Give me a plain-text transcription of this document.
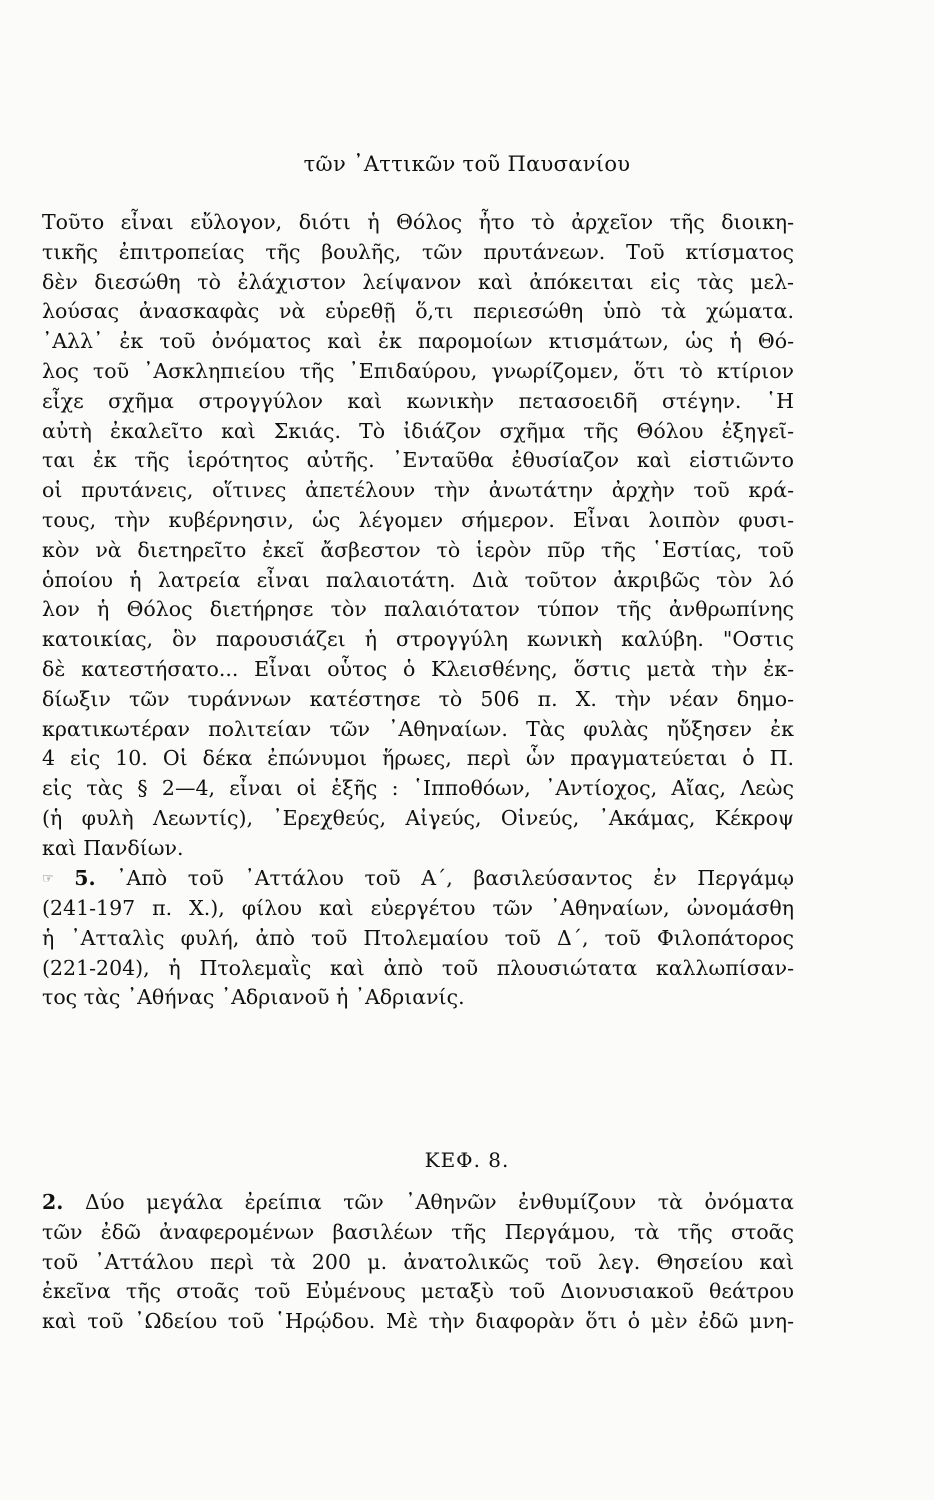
τῶν ᾽Αττικῶν τοῦ Παυσανίου
Τοῦτο εἶναι εὔλογον, διότι ἡ Θόλος ἦτο τὸ ἀρχεῖον τῆς διοικη-
τικῆς ἐπιτροπείας τῆς βουλῆς, τῶν πρυτάνεων. Τοῦ κτίσματος
δὲν διεσώθη τὸ ἐλάχιστον λείψανον καὶ ἀπόκειται εἰς τὰς μελ-
λούσας ἀνασκαφὰς νὰ εὑρεθῇ ὅ,τι περιεσώθη ὑπὸ τὰ χώματα.
᾽Αλλ᾽ ἐκ τοῦ ὀνόματος καὶ ἐκ παρομοίων κτισμάτων, ὡς ἡ Θό-
λος τοῦ ᾽Ασκληπιείου τῆς ᾽Επιδαύρου, γνωρίζομεν, ὅτι τὸ κτίριον
εἶχε σχῆμα στρογγύλον καὶ κωνικὴν πετασοειδῆ στέγην. ῾Η
αὐτὴ ἐκαλεῖτο καὶ Σκιάς. Τὸ ἰδιάζον σχῆμα τῆς Θόλου ἐξηγεῖ-
ται ἐκ τῆς ἱερότητος αὐτῆς. ᾽Ενταῦθα ἐθυσίαζον καὶ εἱστιῶντο
οἱ πρυτάνεις, οἵτινες ἀπετέλουν τὴν ἀνωτάτην ἀρχὴν τοῦ κρά-
τους, τὴν κυβέρνησιν, ὡς λέγομεν σήμερον. Εἶναι λοιπὸν φυσι-
κὸν νὰ διετηρεῖτο ἐκεῖ ἄσβεστον τὸ ἱερὸν πῦρ τῆς ῾Εστίας, τοῦ
ὁποίου ἡ λατρεία εἶναι παλαιοτάτη. Διὰ τοῦτον ἀκριβῶς τὸν λό
λον ἡ Θόλος διετήρησε τὸν παλαιότατον τύπον τῆς ἀνθρωπίνης
κατοικίας, ὃν παρουσιάζει ἡ στρογγύλη κωνικὴ καλύβη. "Οστις
δὲ κατεστήσατο... Εἶναι οὗτος ὁ Κλεισθένης, ὅστις μετὰ τὴν ἐκ-
δίωξιν τῶν τυράννων κατέστησε τὸ 506 π. Χ. τὴν νέαν δημο-
κρατικωτέραν πολιτείαν τῶν ᾽Αθηναίων. Τὰς φυλὰς ηὔξησεν ἐκ
4 εἰς 10. Οἱ δέκα ἐπώνυμοι ἥρωες, περὶ ὧν πραγματεύεται ὁ Π.
εἰς τὰς § 2—4, εἶναι οἱ ἑξῆς : ῾Ιπποθόων, ᾽Αντίοχος, Αἴας, Λεὼς
(ἡ φυλὴ Λεωντίς), ᾽Ερεχθεύς, Αἰγεύς, Οἰνεύς, ᾽Ακάμας, Κέκροψ
καὶ Πανδίων.
☞ 5. ᾽Απὸ τοῦ ᾽Αττάλου τοῦ Α΄, βασιλεύσαντος ἐν Περγάμῳ
(241-197 π. Χ.), φίλου καὶ εὐεργέτου τῶν ᾽Αθηναίων, ὠνομάσθη
ἡ ᾽Ατταλὶς φυλή, ἀπὸ τοῦ Πτολεμαίου τοῦ Δ΄, τοῦ Φιλοπάτορος
(221-204), ἡ Πτολεμαῒς καὶ ἀπὸ τοῦ πλουσιώτατα καλλωπίσαν-
τος τὰς ᾽Αθήνας ᾽Αδριανοῦ ἡ ᾽Αδριανίς.
ΚΕΦ. 8.
2. Δύο μεγάλα ἐρείπια τῶν ᾽Αθηνῶν ἐνθυμίζουν τὰ ὀνόματα
τῶν ἐδῶ ἀναφερομένων βασιλέων τῆς Περγάμου, τὰ τῆς στοᾶς
τοῦ ᾽Αττάλου περὶ τὰ 200 μ. ἀνατολικῶς τοῦ λεγ. Θησείου καὶ
ἐκεῖνα τῆς στοᾶς τοῦ Εὐμένους μεταξὺ τοῦ Διονυσιακοῦ θεάτρου
καὶ τοῦ ᾽Ωδείου τοῦ ῾Ηρῴδου. Μὲ τὴν διαφορὰν ὅτι ὁ μὲν ἐδῶ μνη-
